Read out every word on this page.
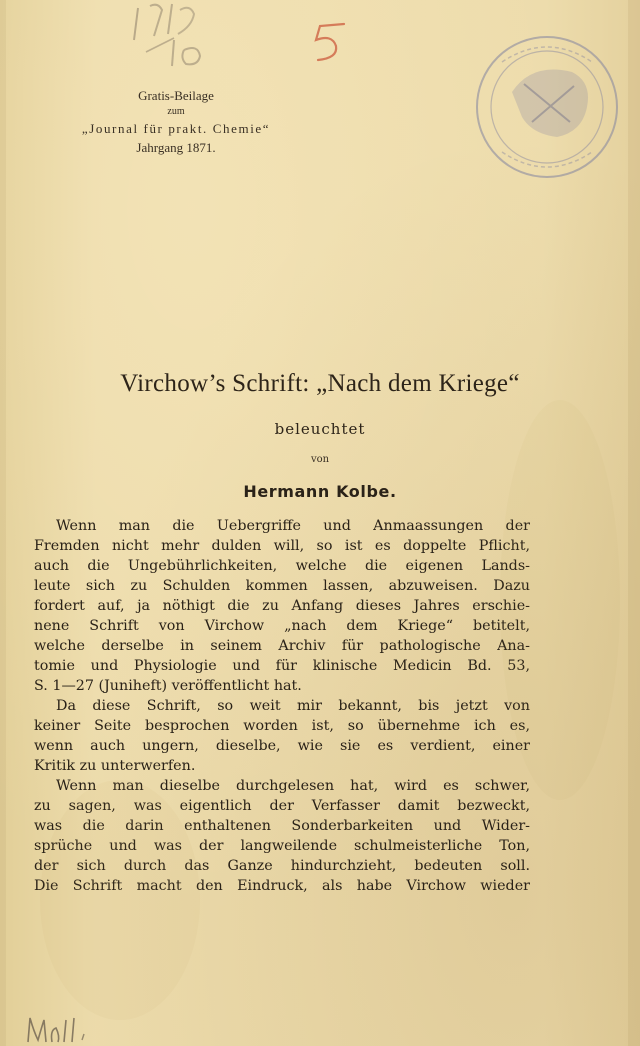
Gratis-Beilage
zum
„Journal für prakt. Chemie“
Jahrgang 1871.
Virchow’s Schrift: „Nach dem Kriege“
beleuchtet
von
Hermann Kolbe.
Wenn man die Uebergriffe und Anmaassungen der
Fremden nicht mehr dulden will, so ist es doppelte Pflicht,
auch die Ungebührlichkeiten, welche die eigenen Lands-
leute sich zu Schulden kommen lassen, abzuweisen. Dazu
fordert auf, ja nöthigt die zu Anfang dieses Jahres erschie-
nene Schrift von Virchow „nach dem Kriege“ betitelt,
welche derselbe in seinem Archiv für pathologische Ana-
tomie und Physiologie und für klinische Medicin Bd. 53,
S. 1—27 (Juniheft) veröffentlicht hat.
Da diese Schrift, so weit mir bekannt, bis jetzt von
keiner Seite besprochen worden ist, so übernehme ich es,
wenn auch ungern, dieselbe, wie sie es verdient, einer
Kritik zu unterwerfen.
Wenn man dieselbe durchgelesen hat, wird es schwer,
zu sagen, was eigentlich der Verfasser damit bezweckt,
was die darin enthaltenen Sonderbarkeiten und Wider-
sprüche und was der langweilende schulmeisterliche Ton,
der sich durch das Ganze hindurchzieht, bedeuten soll.
Die Schrift macht den Eindruck, als habe Virchow wieder
